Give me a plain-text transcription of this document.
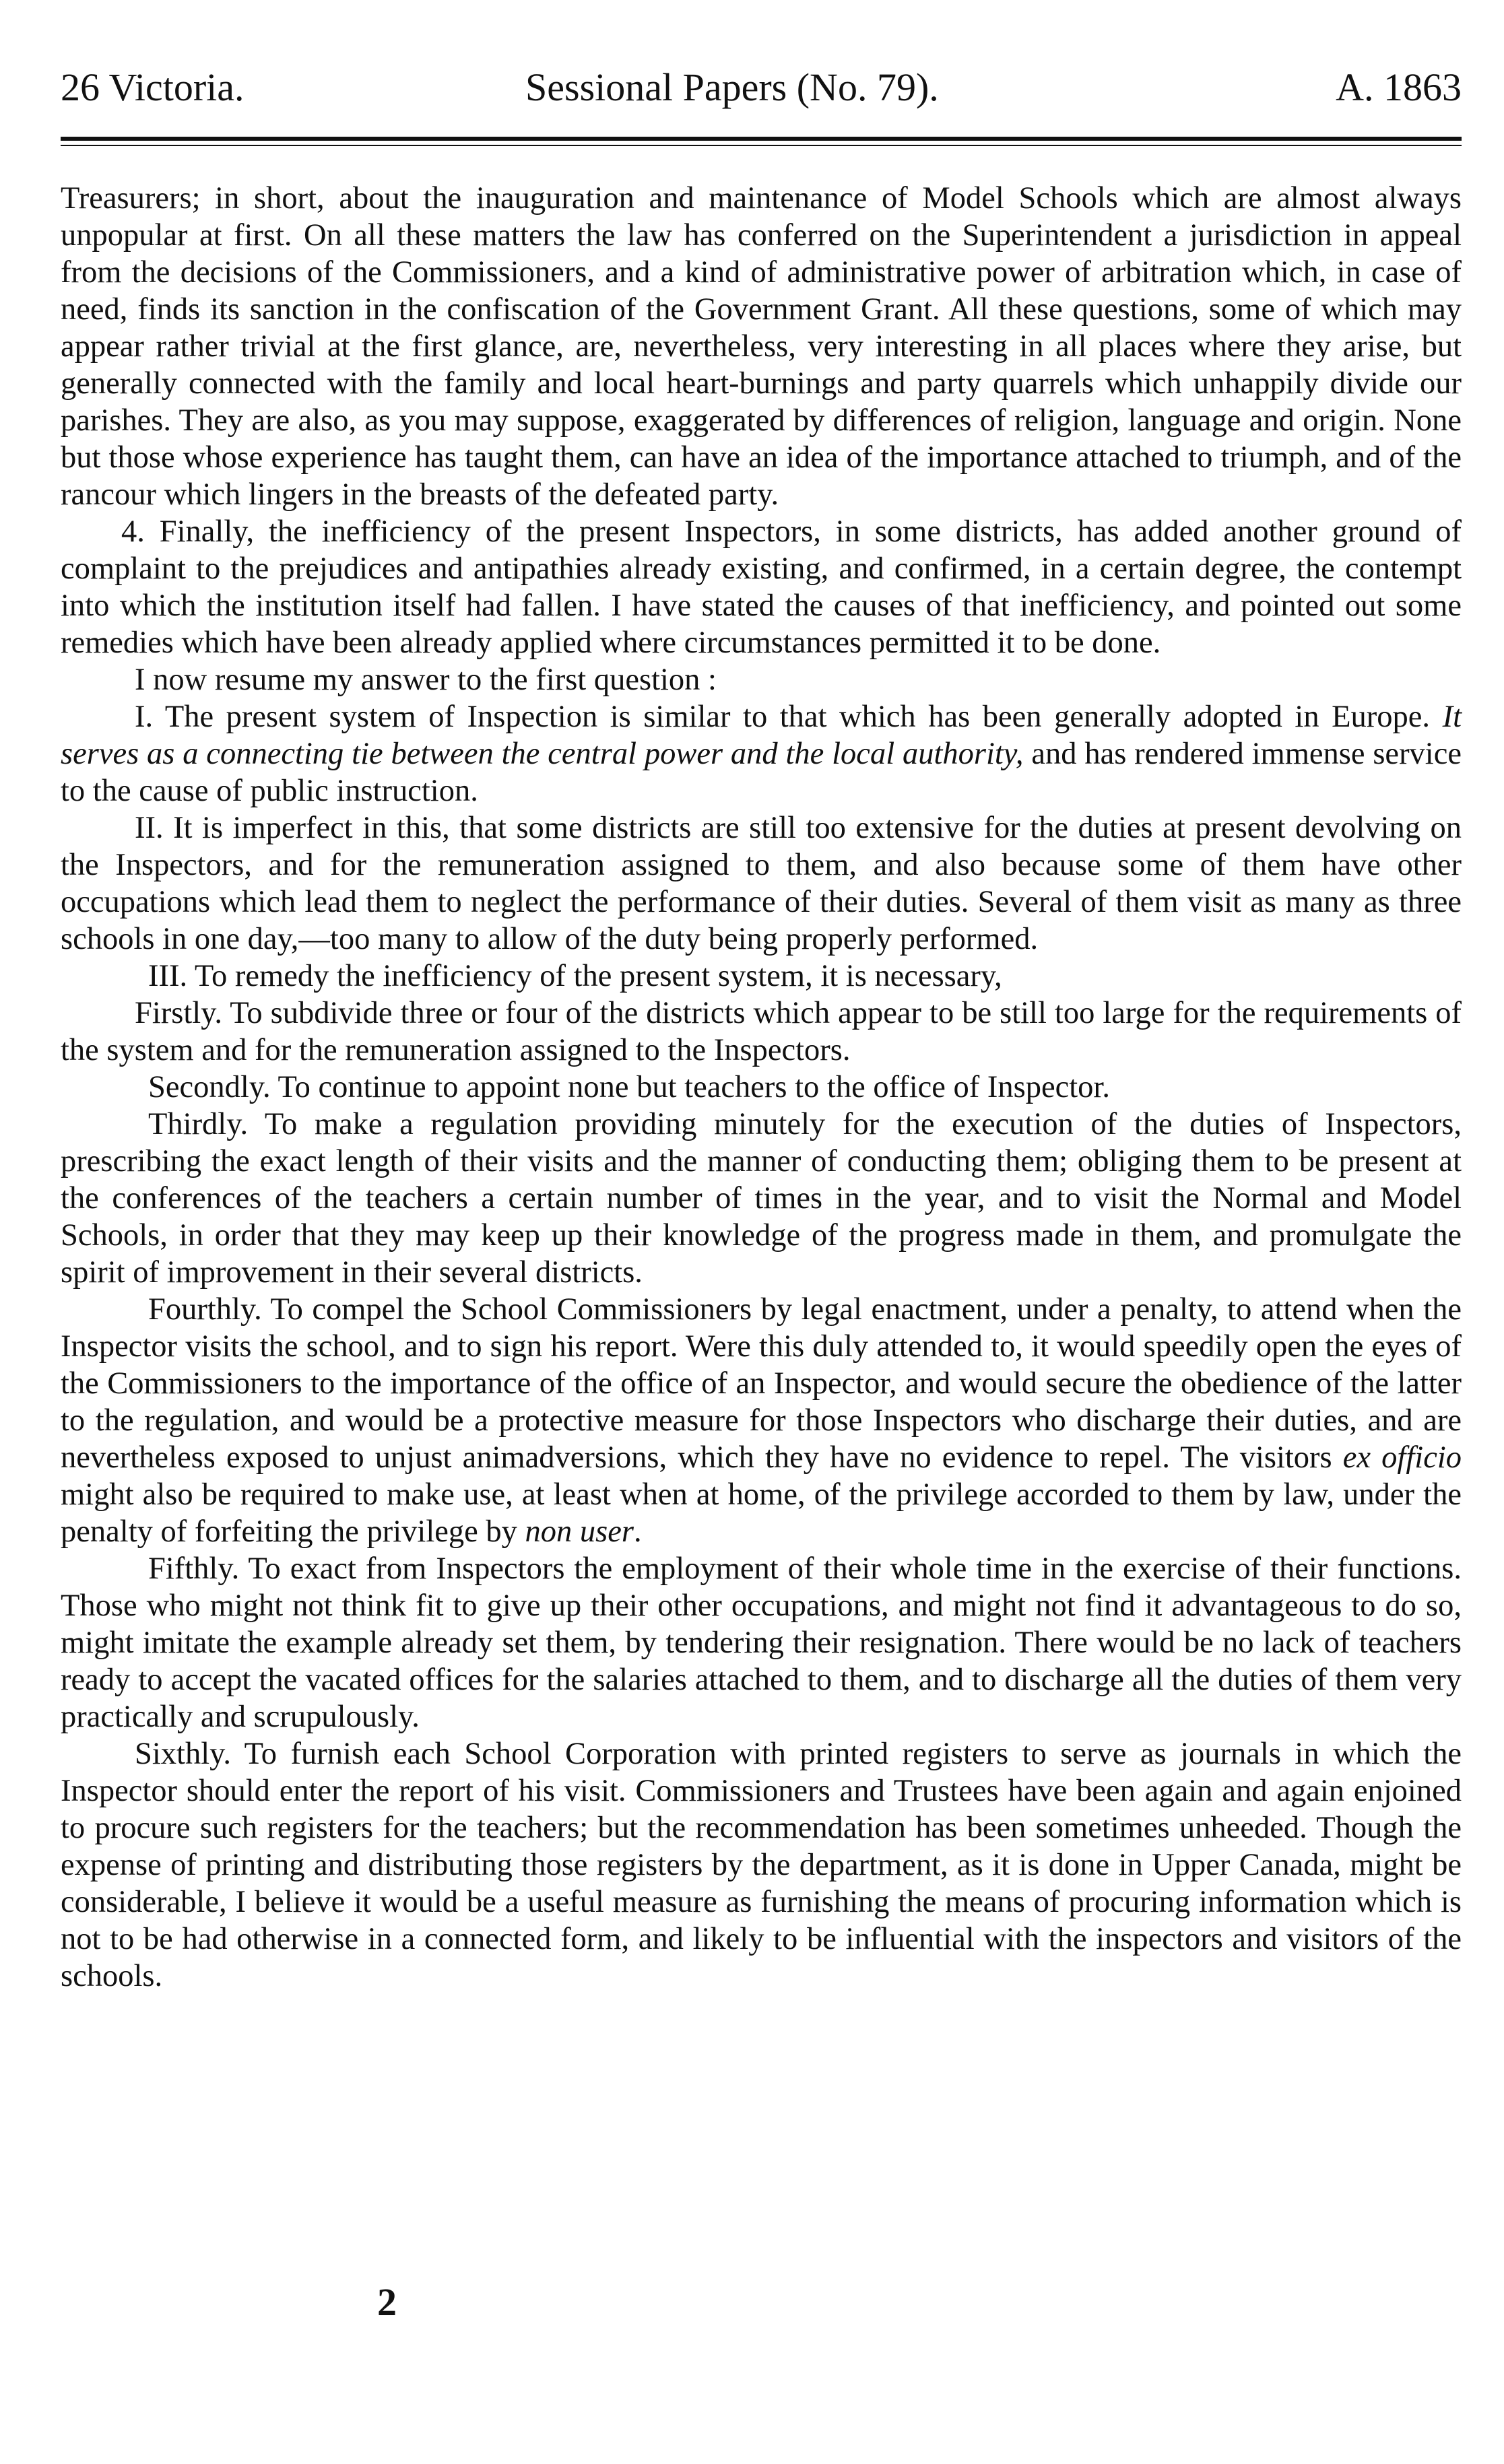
26 Victoria.	Sessional Papers (No. 79).	A. 1863

Treasurers; in short, about the inauguration and maintenance of Model Schools which are almost always unpopular at first. On all these matters the law has conferred on the Superintendent a jurisdiction in appeal from the decisions of the Commissioners, and a kind of administrative power of arbitration which, in case of need, finds its sanction in the confiscation of the Government Grant. All these questions, some of which may appear rather trivial at the first glance, are, nevertheless, very interesting in all places where they arise, but generally connected with the family and local heart-burnings and party quarrels which unhappily divide our parishes. They are also, as you may suppose, exaggerated by differences of religion, language and origin. None but those whose experience has taught them, can have an idea of the importance attached to triumph, and of the rancour which lingers in the breasts of the defeated party.

4. Finally, the inefficiency of the present Inspectors, in some districts, has added another ground of complaint to the prejudices and antipathies already existing, and confirmed, in a certain degree, the contempt into which the institution itself had fallen. I have stated the causes of that inefficiency, and pointed out some remedies which have been already applied where circumstances permitted it to be done.

I now resume my answer to the first question :

I. The present system of Inspection is similar to that which has been generally adopted in Europe. It serves as a connecting tie between the central power and the local authority, and has rendered immense service to the cause of public instruction.

II. It is imperfect in this, that some districts are still too extensive for the duties at present devolving on the Inspectors, and for the remuneration assigned to them, and also because some of them have other occupations which lead them to neglect the performance of their duties. Several of them visit as many as three schools in one day,—too many to allow of the duty being properly performed.

III. To remedy the inefficiency of the present system, it is necessary,

Firstly. To subdivide three or four of the districts which appear to be still too large for the requirements of the system and for the remuneration assigned to the Inspectors.

Secondly. To continue to appoint none but teachers to the office of Inspector.

Thirdly. To make a regulation providing minutely for the execution of the duties of Inspectors, prescribing the exact length of their visits and the manner of conducting them; obliging them to be present at the conferences of the teachers a certain number of times in the year, and to visit the Normal and Model Schools, in order that they may keep up their knowledge of the progress made in them, and promulgate the spirit of improvement in their several districts.

Fourthly. To compel the School Commissioners by legal enactment, under a penalty, to attend when the Inspector visits the school, and to sign his report. Were this duly attended to, it would speedily open the eyes of the Commissioners to the importance of the office of an Inspector, and would secure the obedience of the latter to the regulation, and would be a protective measure for those Inspectors who discharge their duties, and are nevertheless exposed to unjust animadversions, which they have no evidence to repel. The visitors ex officio might also be required to make use, at least when at home, of the privilege accorded to them by law, under the penalty of forfeiting the privilege by non user.

Fifthly. To exact from Inspectors the employment of their whole time in the exercise of their functions. Those who might not think fit to give up their other occupations, and might not find it advantageous to do so, might imitate the example already set them, by tendering their resignation. There would be no lack of teachers ready to accept the vacated offices for the salaries attached to them, and to discharge all the duties of them very practically and scrupulously.

Sixthly. To furnish each School Corporation with printed registers to serve as journals in which the Inspector should enter the report of his visit. Commissioners and Trustees have been again and again enjoined to procure such registers for the teachers; but the recommendation has been sometimes unheeded. Though the expense of printing and distributing those registers by the department, as it is done in Upper Canada, might be considerable, I believe it would be a useful measure as furnishing the means of procuring information which is not to be had otherwise in a connected form, and likely to be influential with the inspectors and visitors of the schools.

2
